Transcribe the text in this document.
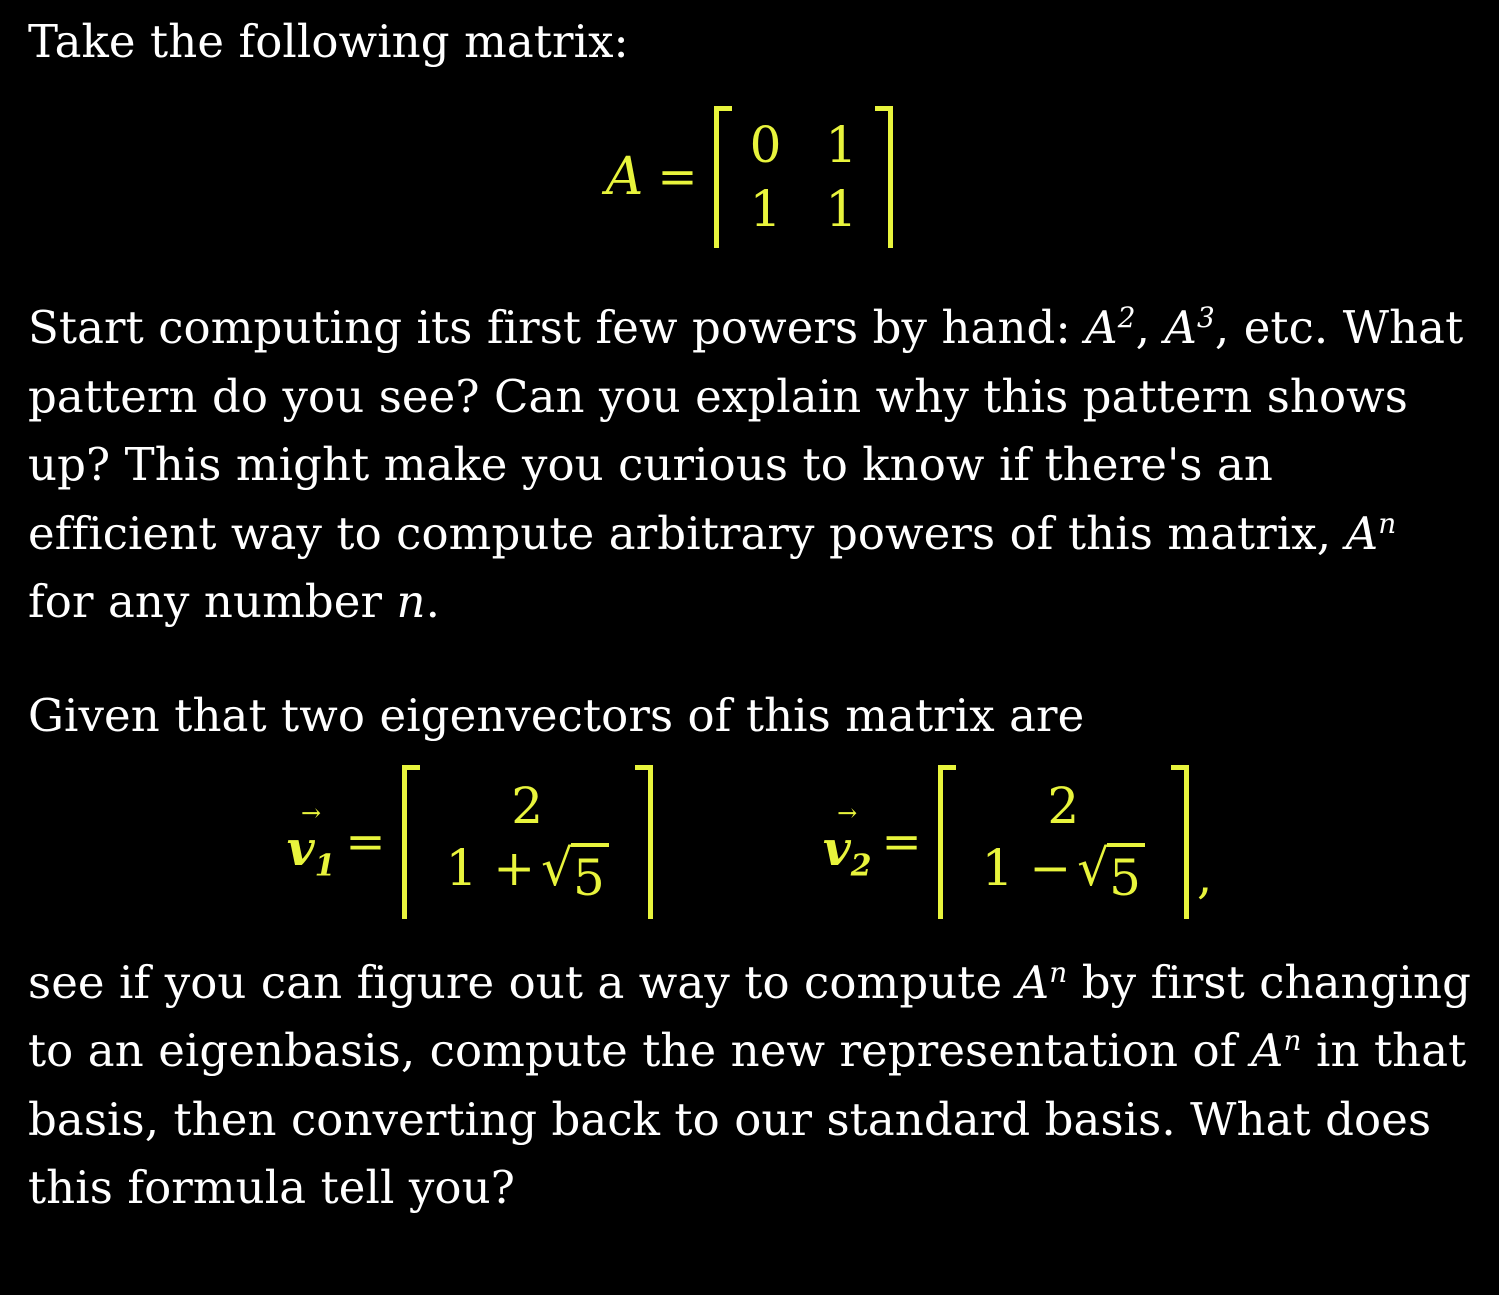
Take the following matrix:
A =
0 1
1 1
Start computing its first few powers by hand: $A^2$, $A^3$, etc. What pattern do you see? Can you explain why this pattern shows up? This might make you curious to know if there's an efficient way to compute arbitrary powers of this matrix, $A^n$ for any number n.
Given that two eigenvectors of this matrix are
→
$v_1$ =
2
1 + √ 5
→
$v_2$ =
2
1 − √ 5 ,
see if you can figure out a way to compute $A^n$ by first changing to an eigenbasis, compute the new representation of $A^n$ in that basis, then converting back to our standard basis. What does this formula tell you?
